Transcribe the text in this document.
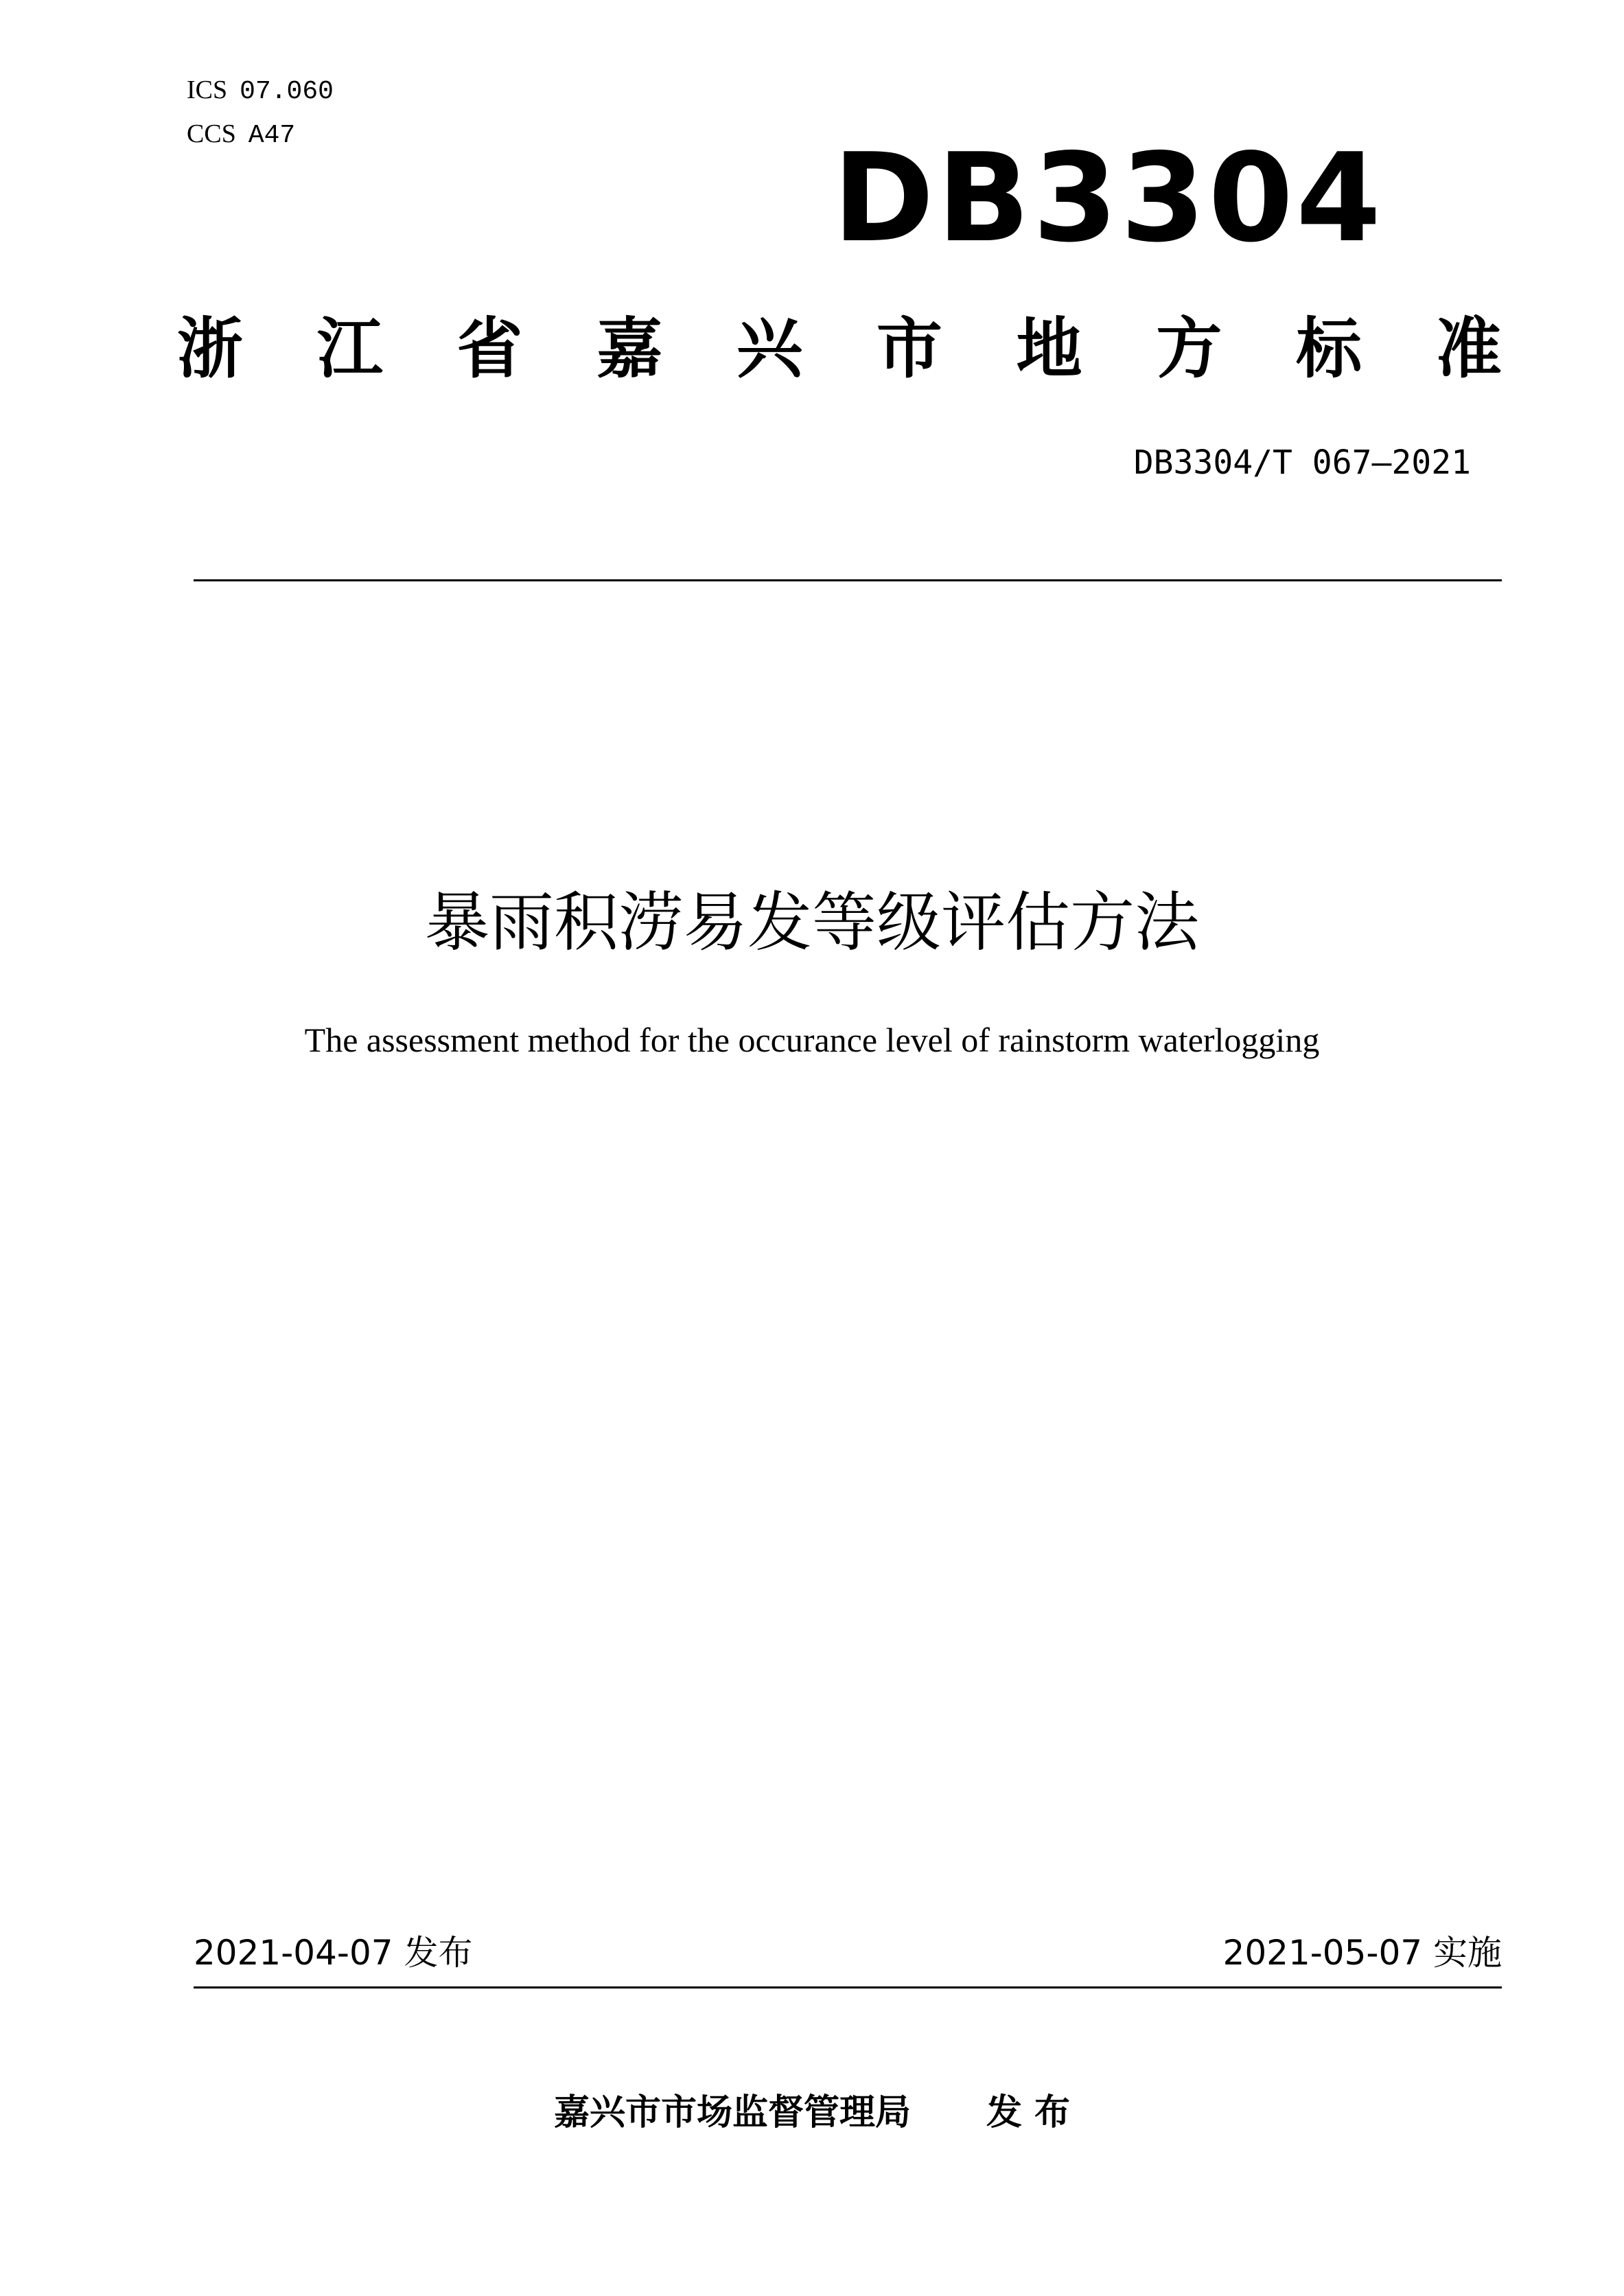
ICS 07.060
CCS A47	DB3304
浙 江 省 嘉 兴 市 地 方 标 准
DB3304/T 067—2021
暴雨积涝易发等级评估方法
The assessment method for the occurance level of rainstorm waterlogging
2021-04-07 发布	2021-05-07 实施
嘉兴市市场监督管理局 发 布
